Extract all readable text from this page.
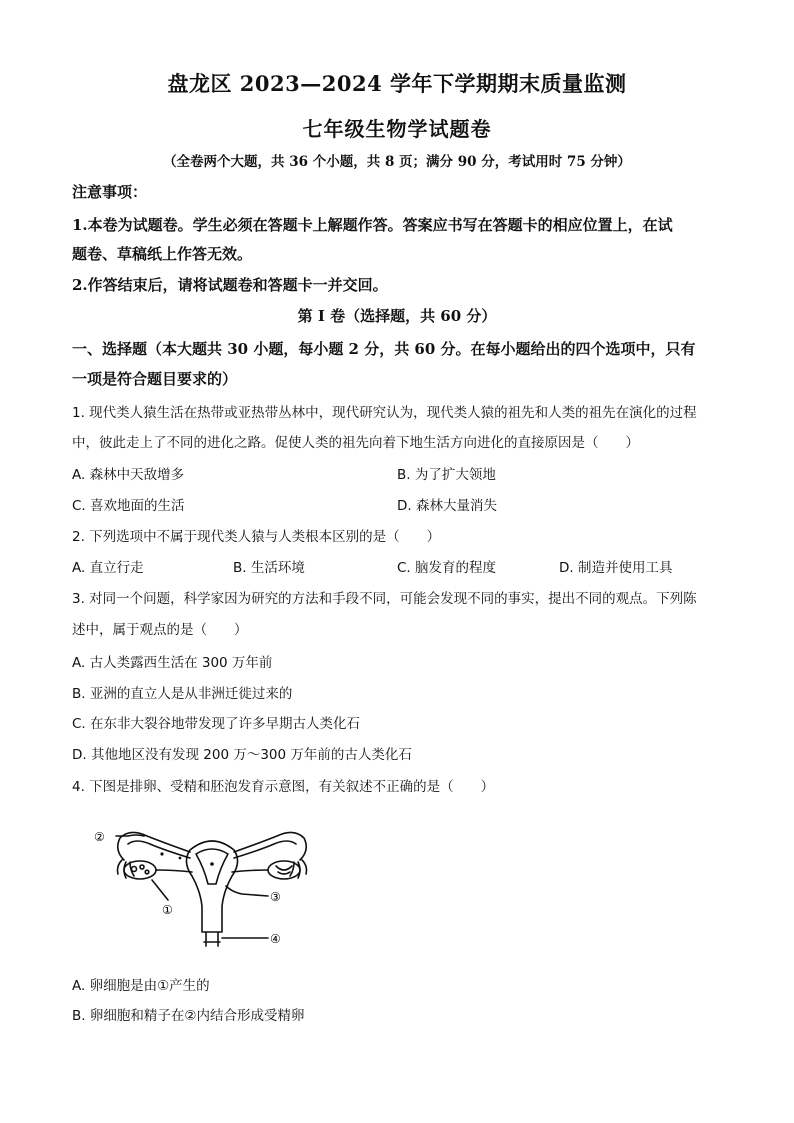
盘龙区 2023—2024 学年下学期期末质量监测
七年级生物学试题卷
（全卷两个大题，共 36 个小题，共 8 页；满分 90 分，考试用时 75 分钟）
注意事项：
1.本卷为试题卷。学生必须在答题卡上解题作答。答案应书写在答题卡的相应位置上，在试
题卷、草稿纸上作答无效。
2.作答结束后，请将试题卷和答题卡一并交回。
第 I 卷（选择题，共 60 分）
一、选择题（本大题共 30 小题，每小题 2 分，共 60 分。在每小题给出的四个选项中，只有
一项是符合题目要求的）
1. 现代类人猿生活在热带或亚热带丛林中，现代研究认为，现代类人猿的祖先和人类的祖先在演化的过程
中，彼此走上了不同的进化之路。促使人类的祖先向着下地生活方向进化的直接原因是（　　）
A. 森林中天敌增多	B. 为了扩大领地
C. 喜欢地面的生活	D. 森林大量消失
2. 下列选项中不属于现代类人猿与人类根本区别的是（　　）
A. 直立行走	B. 生活环境	C. 脑发育的程度	D. 制造并使用工具
3. 对同一个问题，科学家因为研究的方法和手段不同，可能会发现不同的事实，提出不同的观点。下列陈
述中，属于观点的是（　　）
A. 古人类露西生活在 300 万年前
B. 亚洲的直立人是从非洲迁徙过来的
C. 在东非大裂谷地带发现了许多早期古人类化石
D. 其他地区没有发现 200 万～300 万年前的古人类化石
4. 下图是排卵、受精和胚泡发育示意图，有关叙述不正确的是（　　）
②
①
③
④
A. 卵细胞是由①产生的
B. 卵细胞和精子在②内结合形成受精卵
